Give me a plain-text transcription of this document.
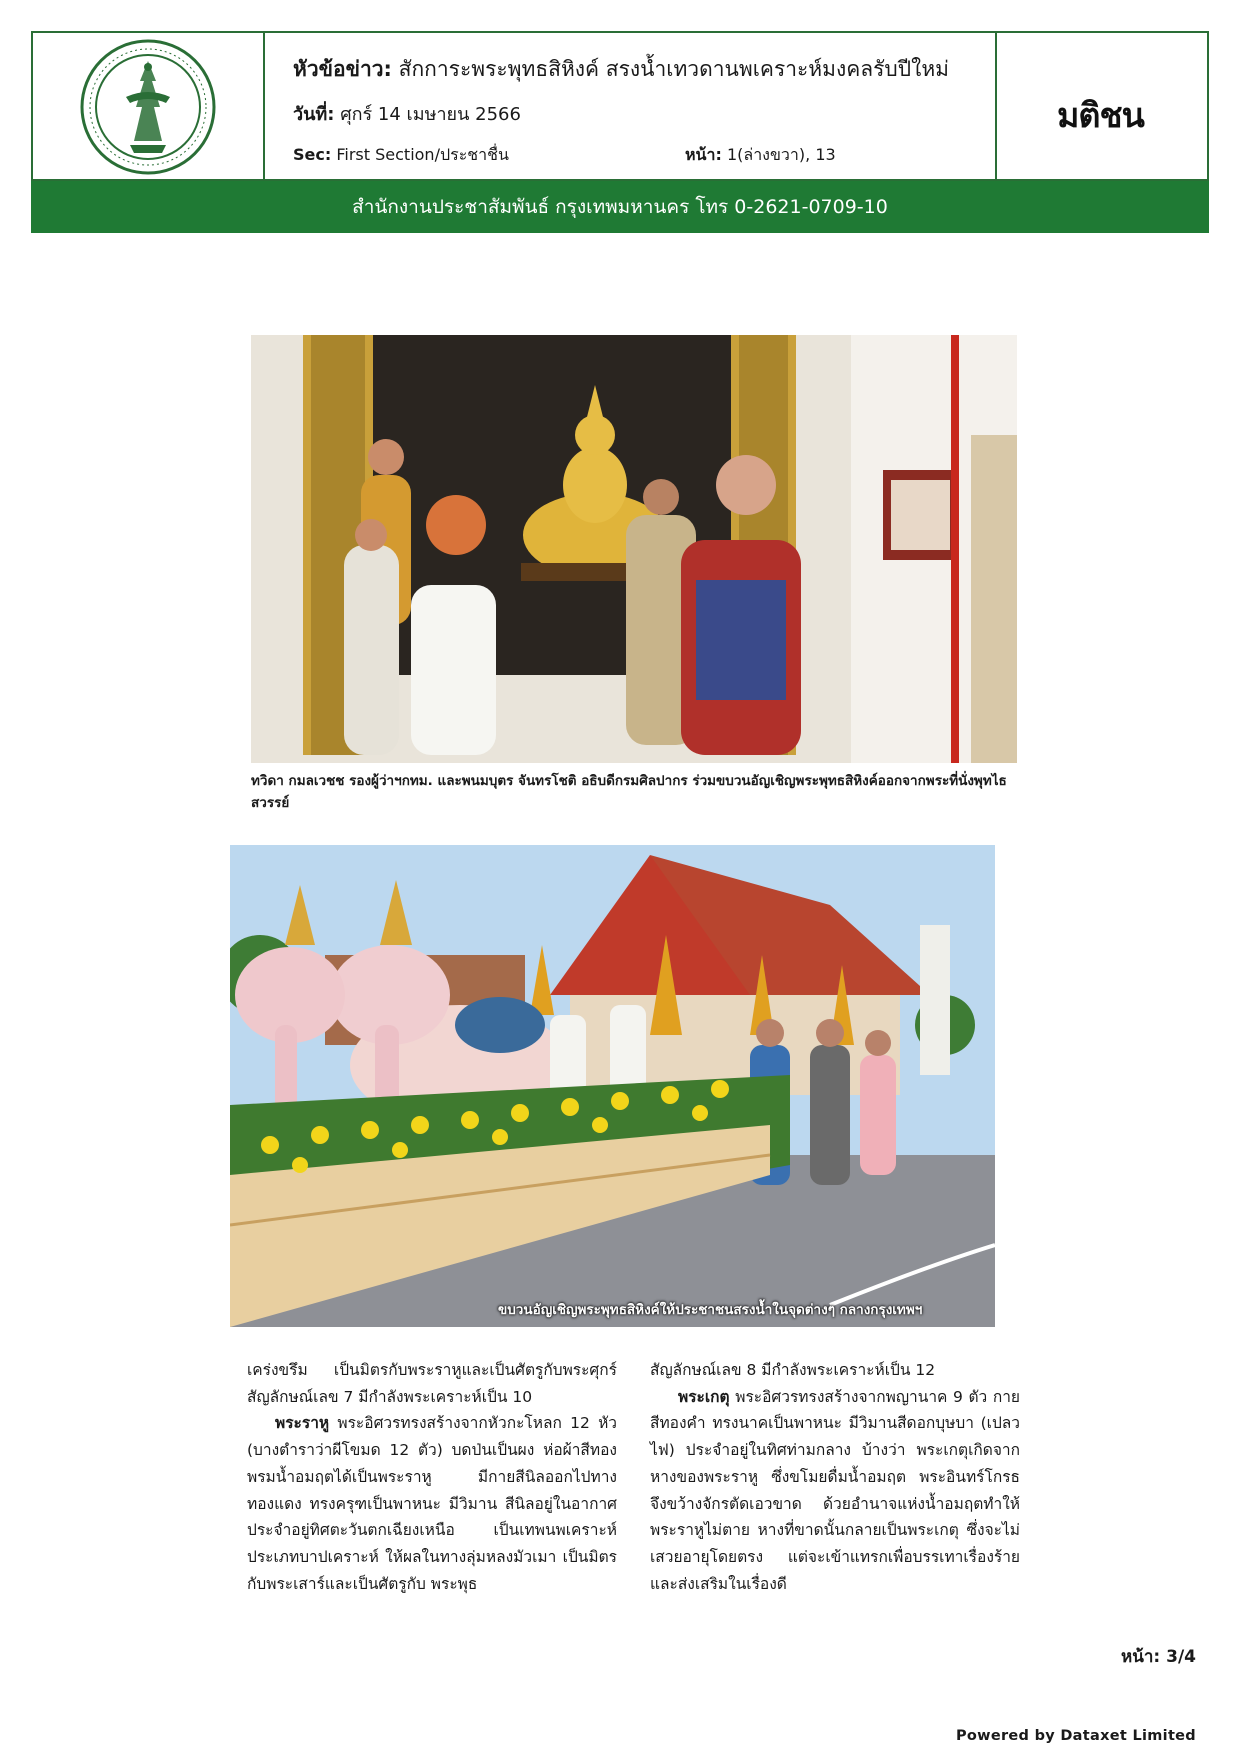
หัวข้อข่าว: สักการะพระพุทธสิหิงค์ สรงน้ำเทวดานพเคราะห์มงคลรับปีใหม่
วันที่: ศุกร์ 14 เมษายน 2566
Sec: First Section/ประชาชื่น	หน้า: 1(ล่างขวา), 13
มติชน
สำนักงานประชาสัมพันธ์ กรุงเทพมหานคร โทร 0-2621-0709-10
ทวิดา กมลเวชช รองผู้ว่าฯกทม. และพนมบุตร จันทรโชติ อธิบดีกรมศิลปากร ร่วมขบวนอัญเชิญพระพุทธสิหิงค์ออกจากพระที่นั่งพุทไธสวรรย์
ขบวนอัญเชิญพระพุทธสิหิงค์ให้ประชาชนสรงน้ำในจุดต่างๆ กลางกรุงเทพฯ

เคร่งขรึม เป็นมิตรกับพระราหูและเป็นศัตรูกับพระศุกร์ สัญลักษณ์เลข 7 มีกำลังพระเคราะห์เป็น 10

พระราหู พระอิศวรทรงสร้างจากหัวกะโหลก 12 หัว (บางตำราว่าผีโขมด 12 ตัว) บดป่นเป็นผง ห่อผ้าสีทอง พรมน้ำอมฤตได้เป็นพระราหู มีกายสีนิลออกไปทางทองแดง ทรงครุฑเป็นพาหนะ มีวิมาน สีนิลอยู่ในอากาศ ประจำอยู่ทิศตะวันตกเฉียงเหนือ เป็นเทพนพเคราะห์ประเภทบาปเคราะห์ ให้ผลในทางลุ่มหลงมัวเมา เป็นมิตรกับพระเสาร์และเป็นศัตรูกับ พระพุธ

สัญลักษณ์เลข 8 มีกำลังพระเคราะห์เป็น 12

พระเกตุ พระอิศวรทรงสร้างจากพญานาค 9 ตัว กายสีทองคำ ทรงนาคเป็นพาหนะ มีวิมานสีดอกบุษบา (เปลวไฟ) ประจำอยู่ในทิศท่ามกลาง บ้างว่า พระเกตุเกิดจากหางของพระราหู ซึ่งขโมยดื่มน้ำอมฤต พระอินทร์โกรธจึงขว้างจักรตัดเอวขาด ด้วยอำนาจแห่งน้ำอมฤตทำให้พระราหูไม่ตาย หางที่ขาดนั้นกลายเป็นพระเกตุ ซึ่งจะไม่เสวยอายุโดยตรง แต่จะเข้าแทรกเพื่อบรรเทาเรื่องร้ายและส่งเสริมในเรื่องดี

หน้า: 3/4
Powered by Dataxet Limited
